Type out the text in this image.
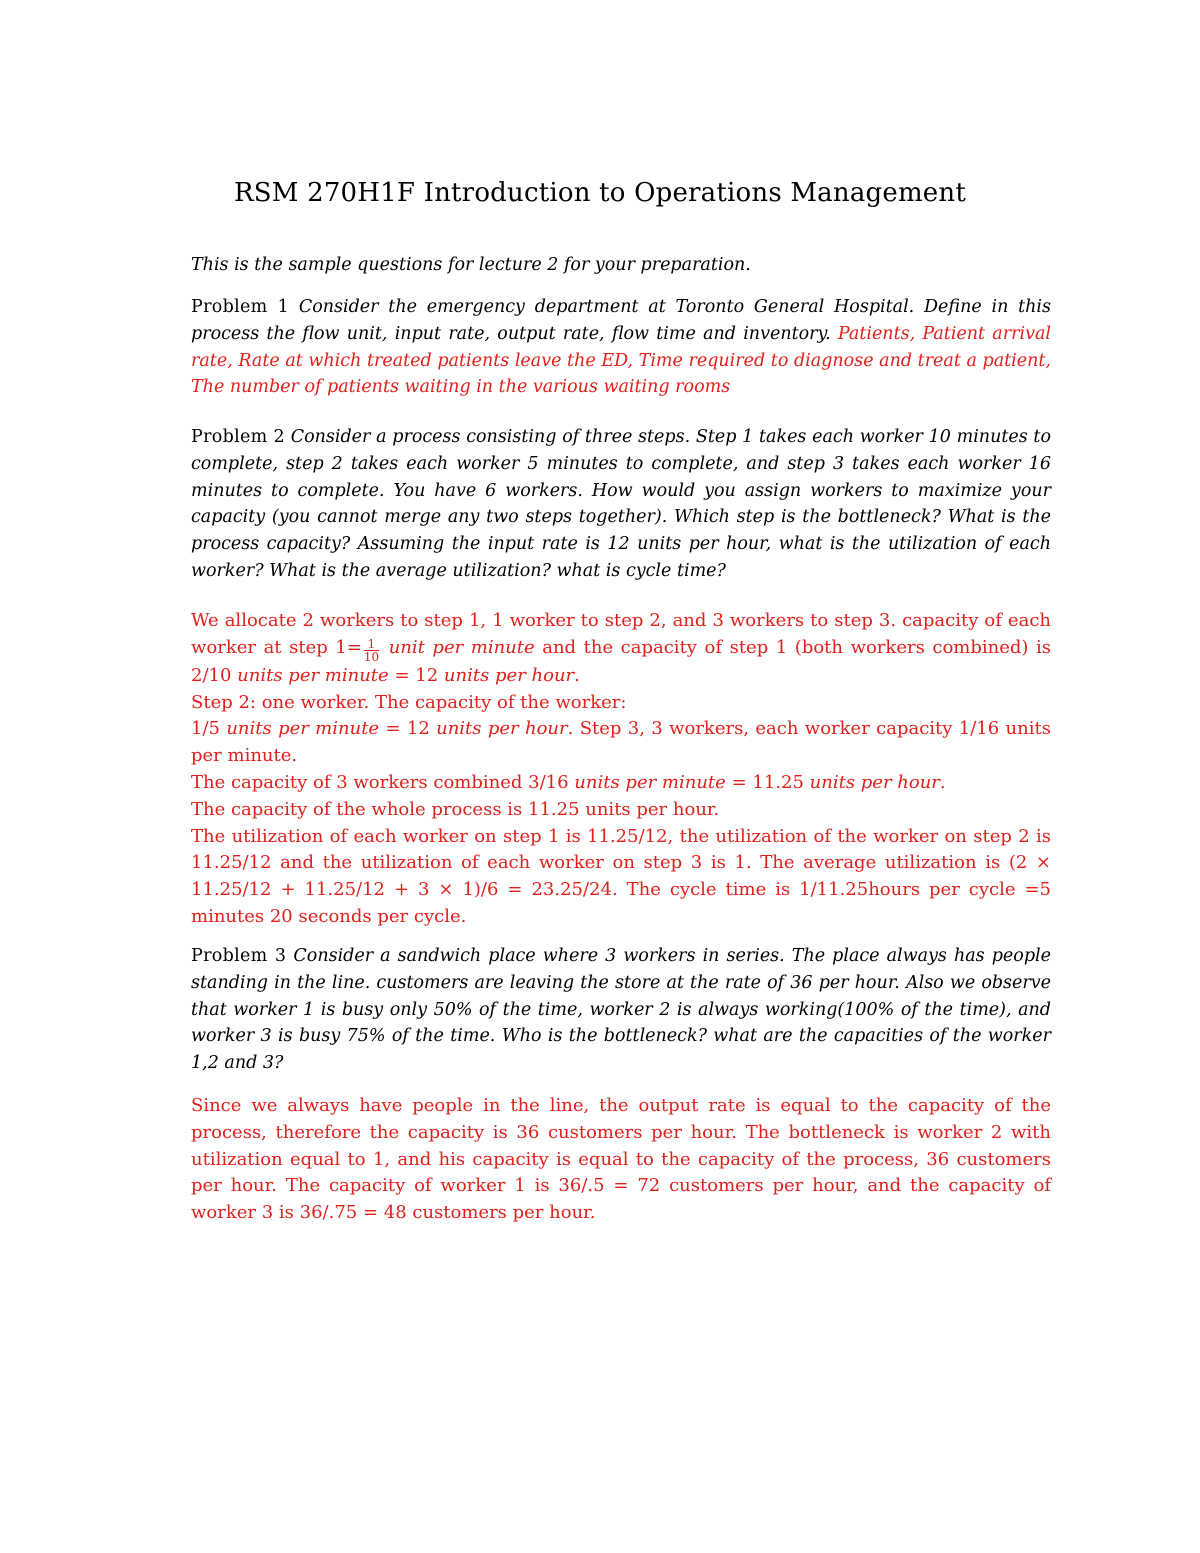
RSM 270H1F Introduction to Operations Management

This is the sample questions for lecture 2 for your preparation.

Problem 1 Consider the emergency department at Toronto General Hospital. Define in this process the flow unit, input rate, output rate, flow time and inventory. Patients, Patient arrival rate, Rate at which treated patients leave the ED, Time required to diagnose and treat a patient, The number of patients waiting in the various waiting rooms
Problem 2 Consider a process consisting of three steps. Step 1 takes each worker 10 minutes to complete, step 2 takes each worker 5 minutes to complete, and step 3 takes each worker 16 minutes to complete. You have 6 workers. How would you assign workers to maximize your capacity (you cannot merge any two steps together). Which step is the bottleneck? What is the process capacity? Assuming the input rate is 12 units per hour, what is the utilization of each worker? What is the average utilization? what is cycle time?
We allocate 2 workers to step 1, 1 worker to step 2, and 3 workers to step 3. capacity of each worker at step $1= \frac{1}{10}$ unit per minute and the capacity of step 1 (both workers combined) is 2/10 units per minute = 12 units per hour.
Step 2: one worker. The capacity of the worker:
1/5 units per minute = 12 units per hour. Step 3, 3 workers, each worker capacity 1/16 units per minute.
The capacity of 3 workers combined 3/16 units per minute = 11.25 units per hour.
The capacity of the whole process is 11.25 units per hour.
The utilization of each worker on step 1 is 11.25/12, the utilization of the worker on step 2 is 11.25/12 and the utilization of each worker on step 3 is 1. The average utilization is (2 × 11.25/12 + 11.25/12 + 3 × 1)/6 = 23.25/24. The cycle time is 1/11.25hours per cycle =5 minutes 20 seconds per cycle.
Problem 3 Consider a sandwich place where 3 workers in series. The place always has people standing in the line. customers are leaving the store at the rate of 36 per hour. Also we observe that worker 1 is busy only 50% of the time, worker 2 is always working(100% of the time), and worker 3 is busy 75% of the time. Who is the bottleneck? what are the capacities of the worker 1,2 and 3?

Since we always have people in the line, the output rate is equal to the capacity of the process, therefore the capacity is 36 customers per hour. The bottleneck is worker 2 with utilization equal to 1, and his capacity is equal to the capacity of the process, 36 customers per hour. The capacity of worker 1 is 36/.5 = 72 customers per hour, and the capacity of worker 3 is 36/.75 = 48 customers per hour.
